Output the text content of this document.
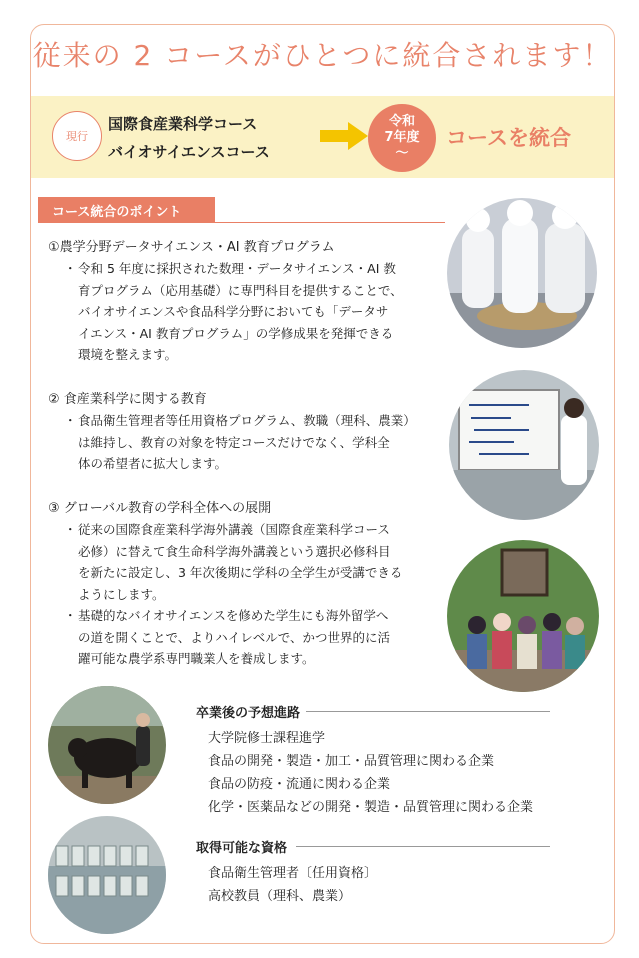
従来の 2 コースがひとつに統合されます！
現行
国際食産業科学コース
バイオサイエンスコース
令和
7年度
～
コースを統合
コース統合のポイント
①農学分野データサイエンス・AI 教育プログラム
・ 令和 5 年度に採択された数理・データサイエンス・AI 教
育プログラム（応用基礎）に専門科目を提供することで、
バイオサイエンスや食品科学分野においても「データサ
イエンス・AI 教育プログラム」の学修成果を発揮できる
環境を整えます。
② 食産業科学に関する教育
・ 食品衛生管理者等任用資格プログラム、教職（理科、農業）
は維持し、教育の対象を特定コースだけでなく、学科全
体の希望者に拡大します。
③ グローバル教育の学科全体への展開
・ 従来の国際食産業科学海外講義（国際食産業科学コース
必修）に替えて食生命科学海外講義という選択必修科目
を新たに設定し、3 年次後期に学科の全学生が受講できる
ようにします。
・ 基礎的なバイオサイエンスを修めた学生にも海外留学へ
の道を開くことで、よりハイレベルで、かつ世界的に活
躍可能な農学系専門職業人を養成します。
卒業後の予想進路
大学院修士課程進学
食品の開発・製造・加工・品質管理に関わる企業
食品の防疫・流通に関わる企業
化学・医薬品などの開発・製造・品質管理に関わる企業
取得可能な資格
食品衛生管理者〔任用資格〕
高校教員（理科、農業）
